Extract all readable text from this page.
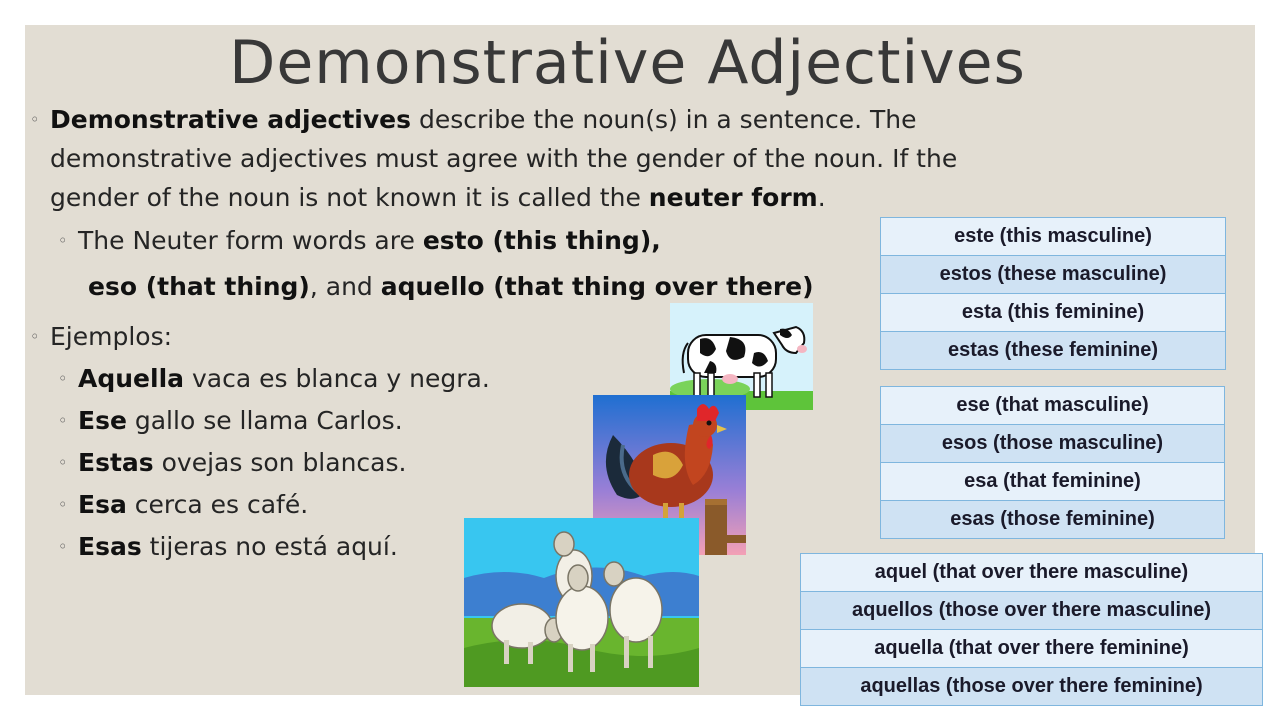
Demonstrative Adjectives
◦ Demonstrative adjectives describe the noun(s) in a sentence. The
demonstrative adjectives must agree with the gender of the noun. If the
gender of the noun is not known it is called the neuter form.
◦ The Neuter form words are esto (this thing),
eso (that thing), and aquello (that thing over there)
◦ Ejemplos:
◦ Aquella vaca es blanca y negra.
◦ Ese gallo se llama Carlos.
◦ Estas ovejas son blancas.
◦ Esa cerca es café.
◦ Esas tijeras no está aquí.
este (this masculine)
estos (these masculine)
esta (this feminine)
estas (these feminine)
ese (that masculine)
esos (those masculine)
esa (that feminine)
esas (those feminine)
aquel (that over there masculine)
aquellos (those over there masculine)
aquella (that over there feminine)
aquellas (those over there feminine)
